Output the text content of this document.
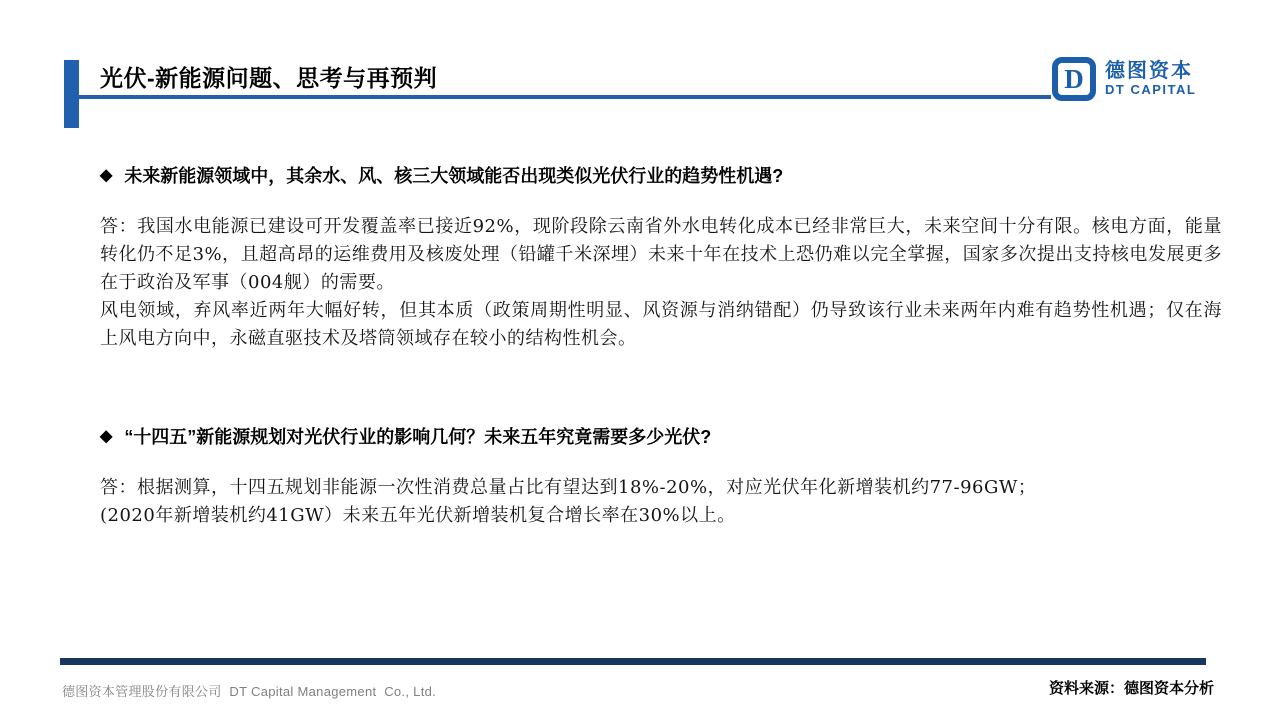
光伏-新能源问题、思考与再预判	D	德图资本
DT CAPITAL
◆ 未来新能源领域中，其余水、风、核三大领域能否出现类似光伏行业的趋势性机遇?

答：我国水电能源已建设可开发覆盖率已接近92%，现阶段除云南省外水电转化成本已经非常巨大，未来空间十分有限。核电方面，能量转化仍不足3%，且超高昂的运维费用及核废处理（铅罐千米深埋）未来十年在技术上恐仍难以完全掌握，国家多次提出支持核电发展更多在于政治及军事（004舰）的需要。

风电领域，弃风率近两年大幅好转，但其本质（政策周期性明显、风资源与消纳错配）仍导致该行业未来两年内难有趋势性机遇；仅在海上风电方向中，永磁直驱技术及塔筒领域存在较小的结构性机会。

◆ “十四五”新能源规划对光伏行业的影响几何？未来五年究竟需要多少光伏?

答：根据测算，十四五规划非能源一次性消费总量占比有望达到18%-20%，对应光伏年化新增装机约77-96GW；

(2020年新增装机约41GW）未来五年光伏新增装机复合增长率在30%以上。

德图资本管理股份有限公司  DT Capital Management  Co., Ltd.	资料来源：德图资本分析
